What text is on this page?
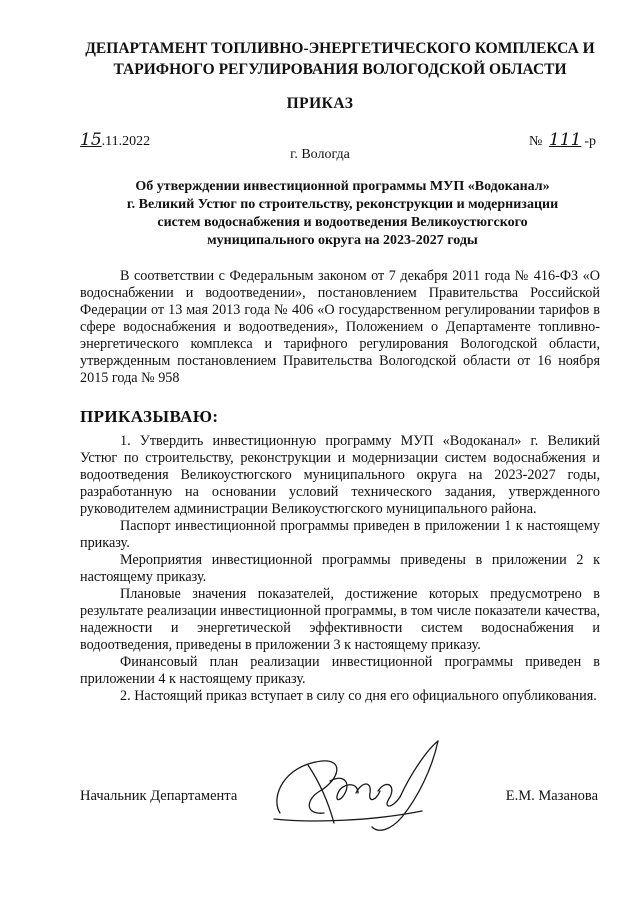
ДЕПАРТАМЕНТ ТОПЛИВНО-ЭНЕРГЕТИЧЕСКОГО КОМПЛЕКСА И
ТАРИФНОГО РЕГУЛИРОВАНИЯ ВОЛОГОДСКОЙ ОБЛАСТИ
ПРИКАЗ
15.11.2022	№ 111 -р
г. Вологда
Об утверждении инвестиционной программы МУП «Водоканал»
г. Великий Устюг по строительству, реконструкции и модернизации
систем водоснабжения и водоотведения Великоустюгского
муниципального округа на 2023-2027 годы

В соответствии с Федеральным законом от 7 декабря 2011 года № 416-ФЗ «О водоснабжении и водоотведении», постановлением Правительства Российской Федерации от 13 мая 2013 года № 406 «О государственном регулировании тарифов в сфере водоснабжения и водоотведения», Положением о Департаменте топливно-энергетического комплекса и тарифного регулирования Вологодской области, утвержденным постановлением Правительства Вологодской области от 16 ноября 2015 года № 958

ПРИКАЗЫВАЮ:

1. Утвердить инвестиционную программу МУП «Водоканал» г. Великий Устюг по строительству, реконструкции и модернизации систем водоснабжения и водоотведения Великоустюгского муниципального округа на 2023-2027 годы, разработанную на основании условий технического задания, утвержденного руководителем администрации Великоустюгского муниципального района.

Паспорт инвестиционной программы приведен в приложении 1 к настоящему приказу.

Мероприятия инвестиционной программы приведены в приложении 2 к настоящему приказу.

Плановые значения показателей, достижение которых предусмотрено в результате реализации инвестиционной программы, в том числе показатели качества, надежности и энергетической эффективности систем водоснабжения и водоотведения, приведены в приложении 3 к настоящему приказу.

Финансовый план реализации инвестиционной программы приведен в приложении 4 к настоящему приказу.

2. Настоящий приказ вступает в силу со дня его официального опубликования.

Начальник Департамента	Е.М. Мазанова
